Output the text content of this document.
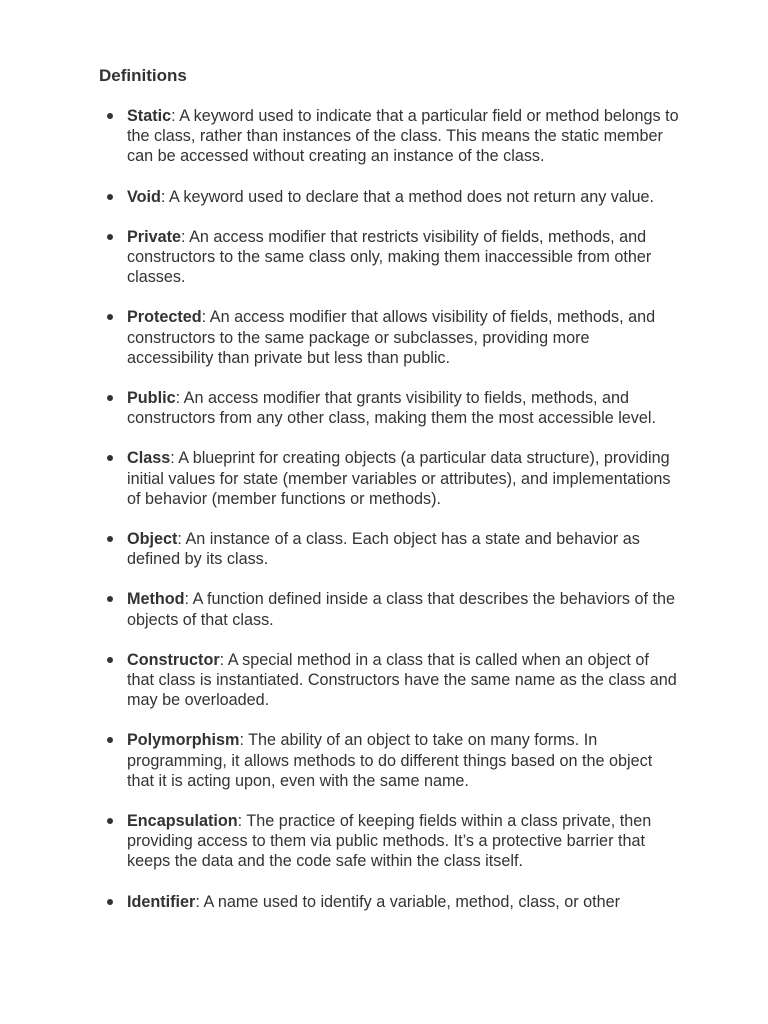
Definitions
Static: A keyword used to indicate that a particular field or method belongs to the class, rather than instances of the class. This means the static member can be accessed without creating an instance of the class.
Void: A keyword used to declare that a method does not return any value.
Private: An access modifier that restricts visibility of fields, methods, and constructors to the same class only, making them inaccessible from other classes.
Protected: An access modifier that allows visibility of fields, methods, and constructors to the same package or subclasses, providing more accessibility than private but less than public.
Public: An access modifier that grants visibility to fields, methods, and constructors from any other class, making them the most accessible level.
Class: A blueprint for creating objects (a particular data structure), providing initial values for state (member variables or attributes), and implementations of behavior (member functions or methods).
Object: An instance of a class. Each object has a state and behavior as defined by its class.
Method: A function defined inside a class that describes the behaviors of the objects of that class.
Constructor: A special method in a class that is called when an object of that class is instantiated. Constructors have the same name as the class and may be overloaded.
Polymorphism: The ability of an object to take on many forms. In programming, it allows methods to do different things based on the object that it is acting upon, even with the same name.
Encapsulation: The practice of keeping fields within a class private, then providing access to them via public methods. It’s a protective barrier that keeps the data and the code safe within the class itself.
Identifier: A name used to identify a variable, method, class, or other
